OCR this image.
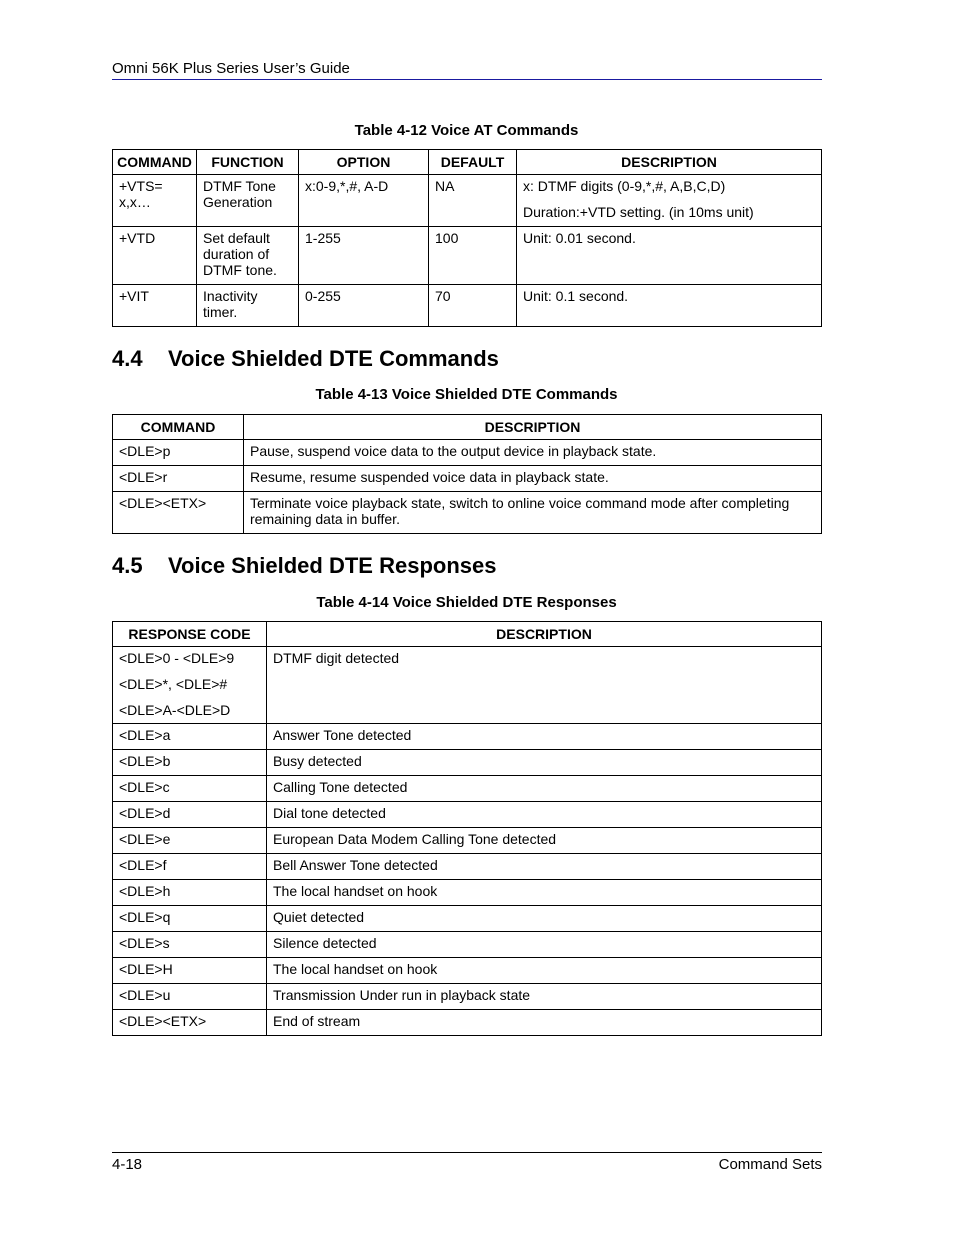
Omni 56K Plus Series User’s Guide
Table 4-12 Voice AT Commands
COMMAND	FUNCTION	OPTION	DEFAULT	DESCRIPTION
+VTS= x,x…	DTMF Tone Generation	x:0-9,*,#, A-D	NA	x: DTMF digits (0-9,*,#, A,B,C,D)

Duration:+VTD setting. (in 10ms unit)

+VTD	Set default duration of DTMF tone.	1-255	100	Unit: 0.01 second.

+VIT	Inactivity timer.	0-255	70	Unit: 0.1 second.

4.4 Voice Shielded DTE Commands
Table 4-13 Voice Shielded DTE Commands
COMMAND	DESCRIPTION
<DLE>p	Pause, suspend voice data to the output device in playback state.
<DLE>r	Resume, resume suspended voice data in playback state.
<DLE><ETX>	Terminate voice playback state, switch to online voice command mode after completing remaining data in buffer.
4.5 Voice Shielded DTE Responses
Table 4-14 Voice Shielded DTE Responses
RESPONSE CODE	DESCRIPTION

<DLE>0 - <DLE>9

<DLE>*, <DLE>#

<DLE>A-<DLE>D	DTMF digit detected
<DLE>a	Answer Tone detected
<DLE>b	Busy detected
<DLE>c	Calling Tone detected
<DLE>d	Dial tone detected
<DLE>e	European Data Modem Calling Tone detected
<DLE>f	Bell Answer Tone detected
<DLE>h	The local handset on hook
<DLE>q	Quiet detected
<DLE>s	Silence detected
<DLE>H	The local handset on hook
<DLE>u	Transmission Under run in playback state
<DLE><ETX>	End of stream
4-18	Command Sets
